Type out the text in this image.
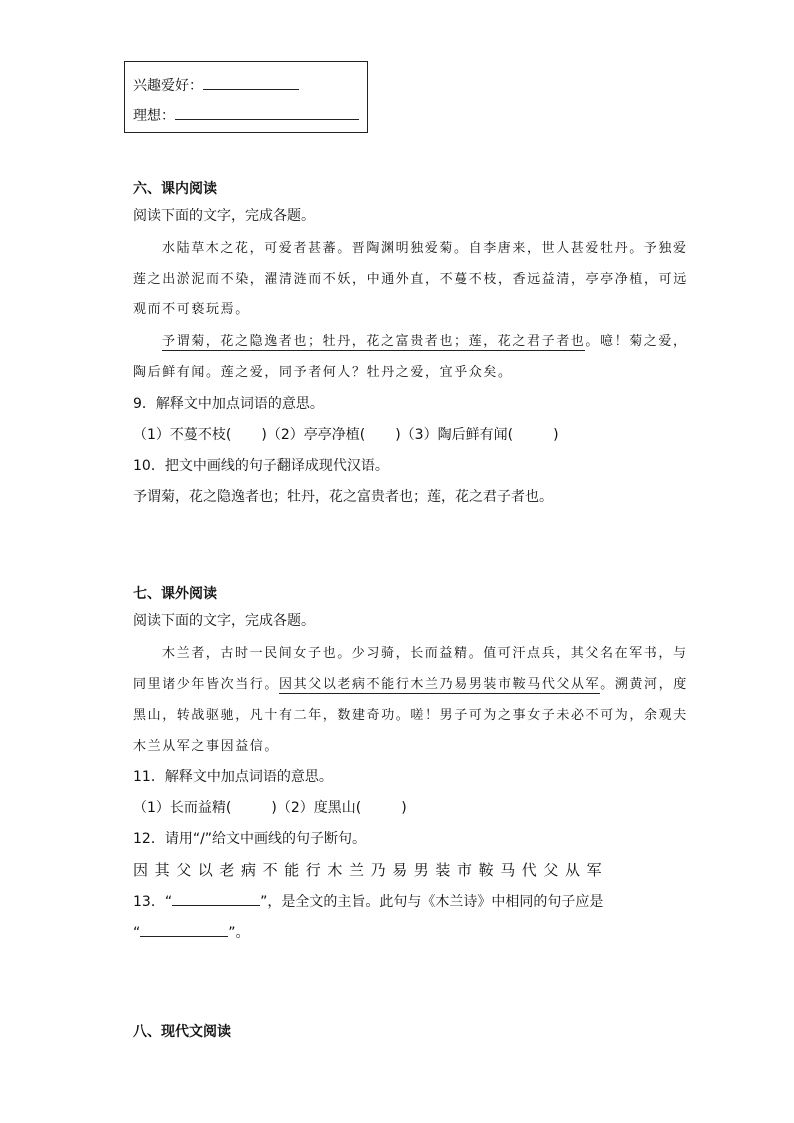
兴趣爱好：
理想：
六、课内阅读
阅读下面的文字，完成各题。
水陆草木之花，可爱者甚蕃。晋陶渊明独爱菊。自李唐来，世人甚爱牡丹。予独爱
莲之出淤泥而不染，濯清涟而不妖，中通外直，不蔓不枝，香远益清，亭亭净植，可远
观而不可亵玩焉。
予谓菊，花之隐逸者也；牡丹，花之富贵者也；莲，花之君子者也。噫！菊之爱，
陶后鲜有闻。莲之爱，同予者何人？牡丹之爱，宜乎众矣。
9．解释文中加点词语的意思。
（1）不蔓不枝( )（2）亭亭净植( )（3）陶后鲜有闻(	)
10．把文中画线的句子翻译成现代汉语。
予谓菊，花之隐逸者也；牡丹，花之富贵者也；莲，花之君子者也。
七、课外阅读
阅读下面的文字，完成各题。
木兰者，古时一民间女子也。少习骑，长而益精。值可汗点兵，其父名在军书，与
同里诸少年皆次当行。因其父以老病不能行木兰乃易男装市鞍马代父从军。溯黄河，度
黑山，转战驱驰，凡十有二年，数建奇功。嗟！男子可为之事女子未必不可为，余观夫
木兰从军之事因益信。
11．解释文中加点词语的意思。
（1）长而益精(	)（2）度黑山(	)
12．请用“/”给文中画线的句子断句。
因其父以老病不能行木兰乃易男装市鞍马代父从军
13．“	”，是全文的主旨。此句与《木兰诗》中相同的句子应是
“	”。
八、现代文阅读
